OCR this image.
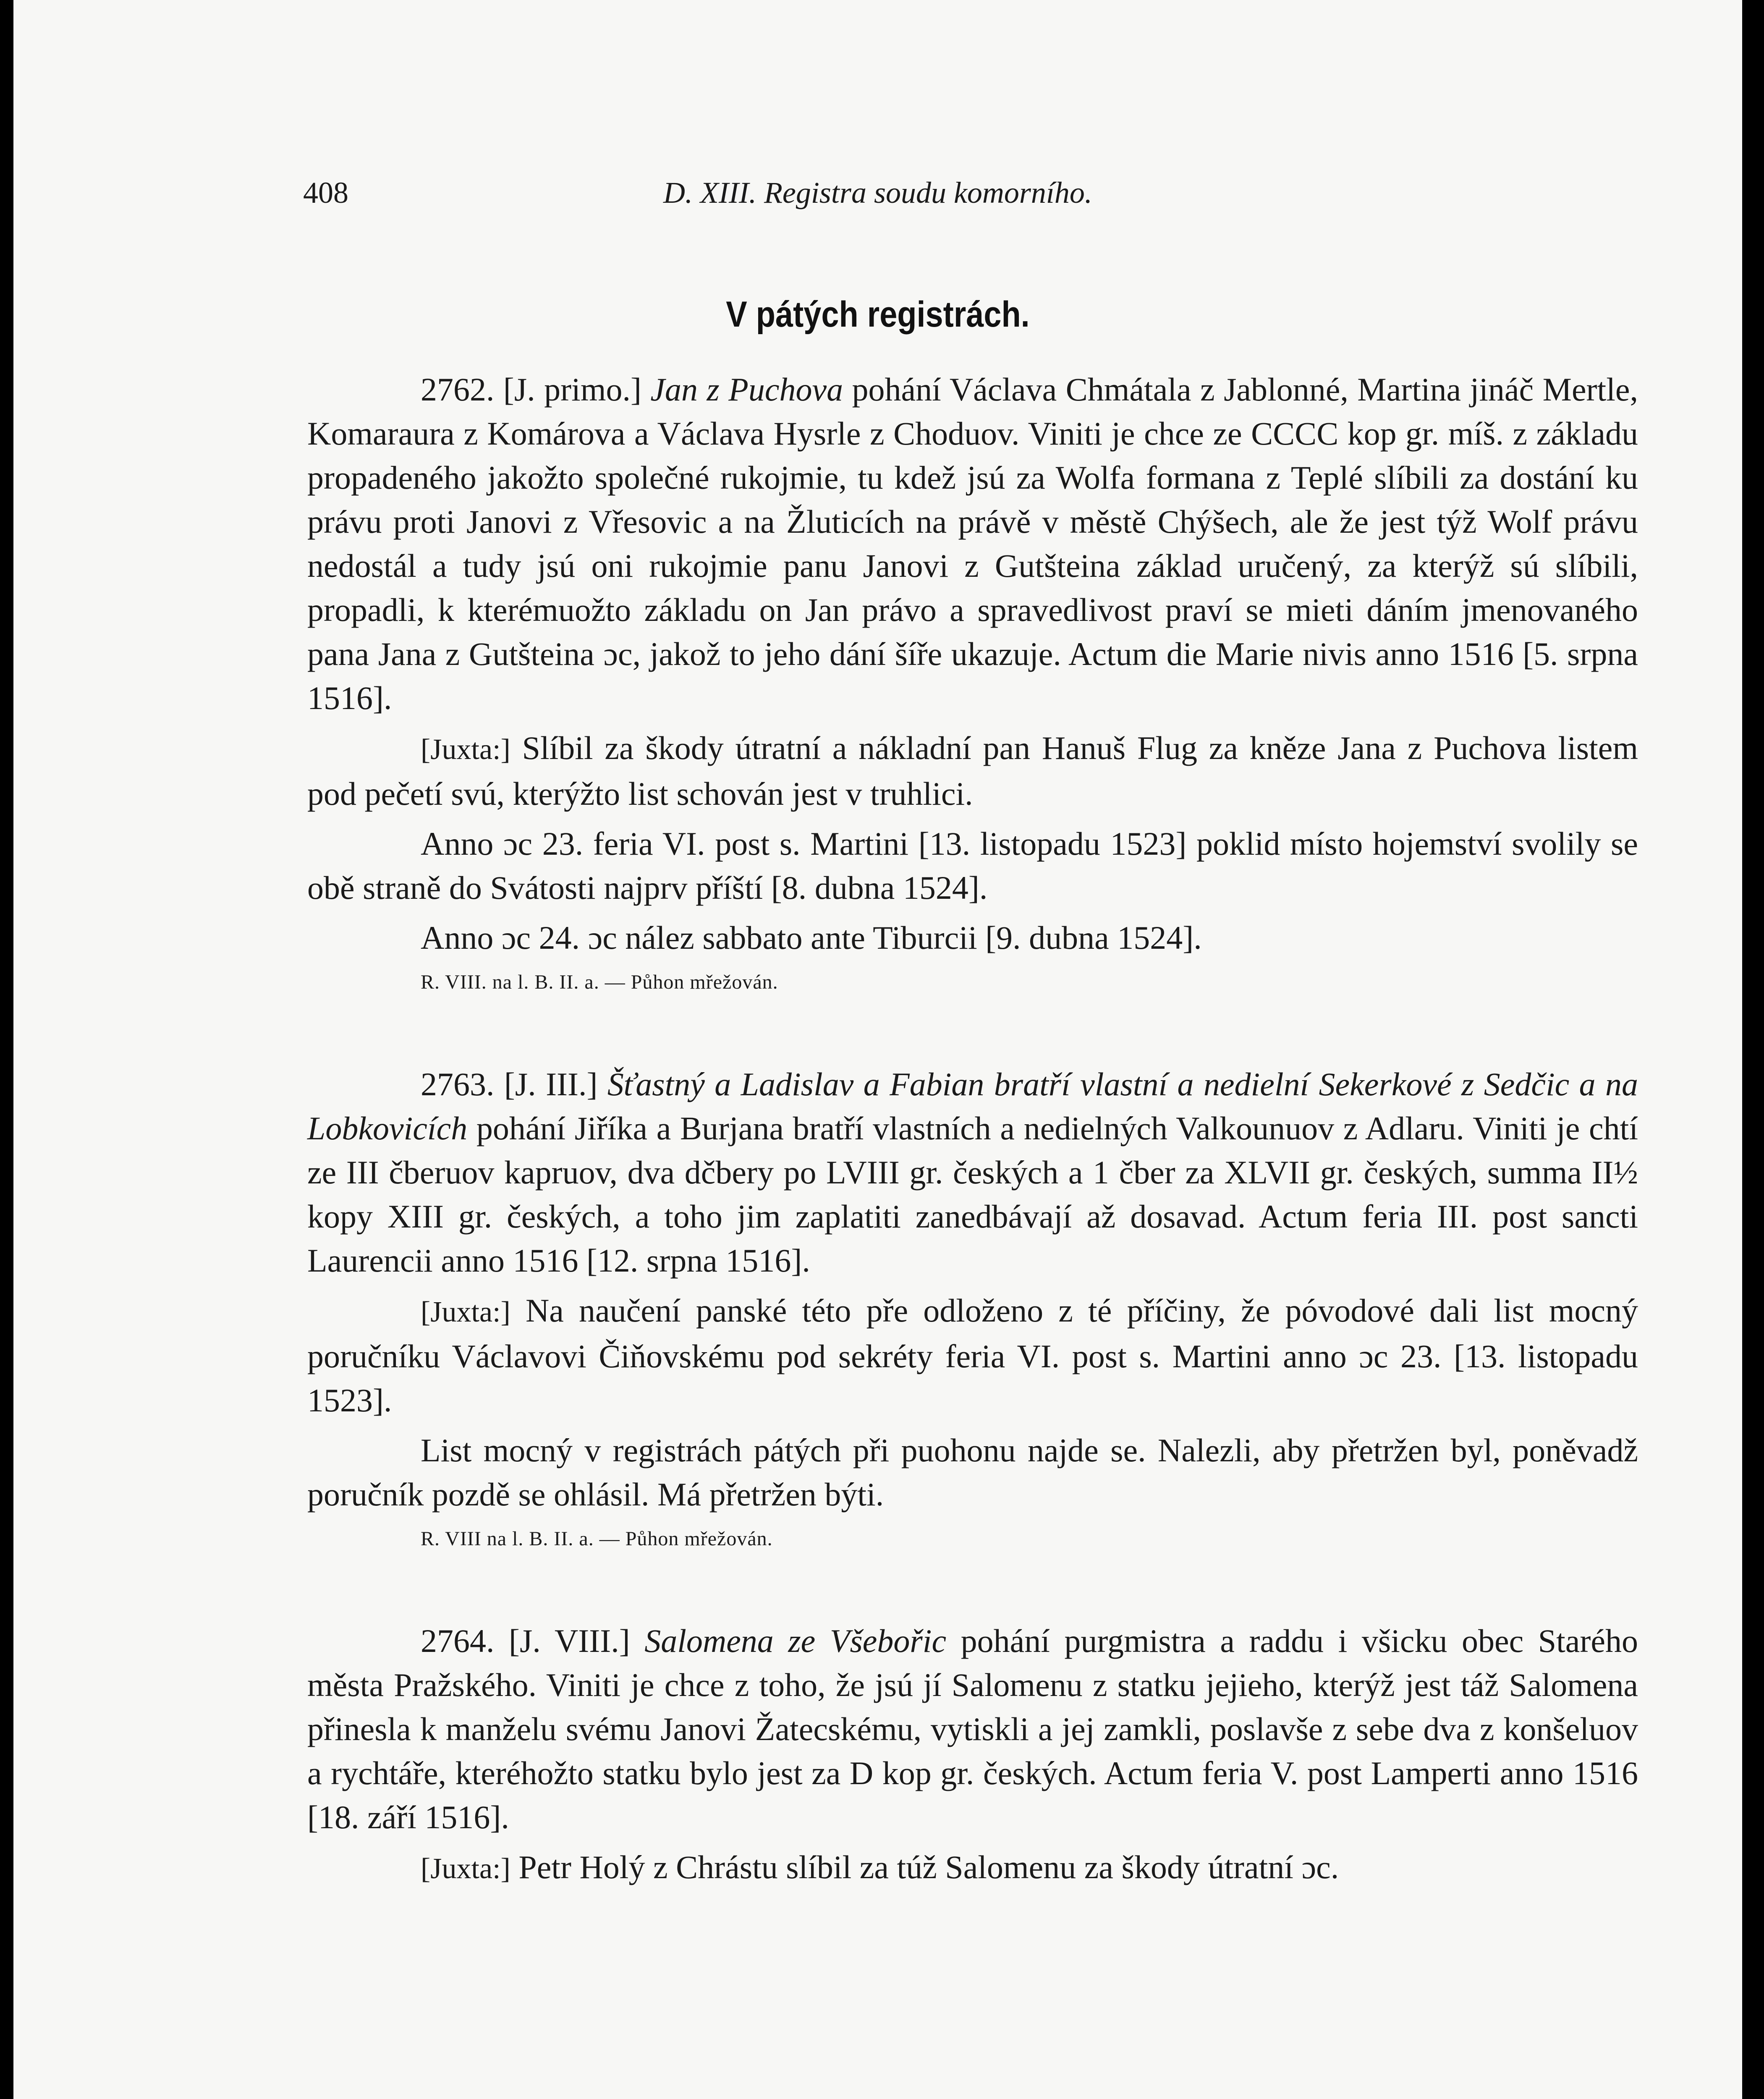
408	D. XIII. Registra soudu komorního.
V pátých registrách.

2762. [J. primo.] Jan z Puchova pohání Václava Chmátala z Jablonné, Martina jináč Mertle, Komaraura z Komárova a Václava Hysrle z Choduov. Viniti je chce ze CCCC kop gr. míš. z základu propadeného jakožto společné rukojmie, tu kdež jsú za Wolfa formana z Teplé slíbili za dostání ku právu proti Janovi z Vřesovic a na Žluticích na právě v městě Chýšech, ale že jest týž Wolf právu nedostál a tudy jsú oni rukojmie panu Janovi z Gutšteina základ uručený, za kterýž sú slíbili, propadli, k kterémuožto základu on Jan právo a spravedlivost praví se mieti dáním jmenovaného pana Jana z Gutšteina ɔc, jakož to jeho dání šíře ukazuje. Actum die Marie nivis anno 1516 [5. srpna 1516].

[Juxta:] Slíbil za škody útratní a nákladní pan Hanuš Flug za kněze Jana z Puchova listem pod pečetí svú, kterýžto list schován jest v truhlici.

Anno ɔc 23. feria VI. post s. Martini [13. listopadu 1523] poklid místo hojemství svolily se obě straně do Svátosti najprv příští [8. dubna 1524].

Anno ɔc 24. ɔc nález sabbato ante Tiburcii [9. dubna 1524].

R. VIII. na l. B. II. a. — Půhon mřežován.

2763. [J. III.] Šťastný a Ladislav a Fabian bratří vlastní a nedielní Sekerkové z Sedčic a na Lobkovicích pohání Jiříka a Burjana bratří vlastních a nedielných Valkounuov z Adlaru. Viniti je chtí ze III čberuov kapruov, dva dčbery po LVIII gr. českých a 1 čber za XLVII gr. českých, summa II½ kopy XIII gr. českých, a toho jim zaplatiti zanedbávají až dosavad. Actum feria III. post sancti Laurencii anno 1516 [12. srpna 1516].

[Juxta:] Na naučení panské této pře odloženo z té příčiny, že póvodové dali list mocný poručníku Václavovi Čiňovskému pod sekréty feria VI. post s. Martini anno ɔc 23. [13. listopadu 1523].

List mocný v registrách pátých při puohonu najde se. Nalezli, aby přetržen byl, poněvadž poručník pozdě se ohlásil. Má přetržen býti.

R. VIII na l. B. II. a. — Půhon mřežován.

2764. [J. VIII.] Salomena ze Všebořic pohání purgmistra a raddu i všicku obec Starého města Pražského. Viniti je chce z toho, že jsú jí Salomenu z statku jejieho, kterýž jest táž Salomena přinesla k manželu svému Janovi Žatecskému, vytiskli a jej zamkli, poslavše z sebe dva z konšeluov a rychtáře, kteréhožto statku bylo jest za D kop gr. českých. Actum feria V. post Lamperti anno 1516 [18. září 1516].

[Juxta:] Petr Holý z Chrástu slíbil za túž Salomenu za škody útratní ɔc.
